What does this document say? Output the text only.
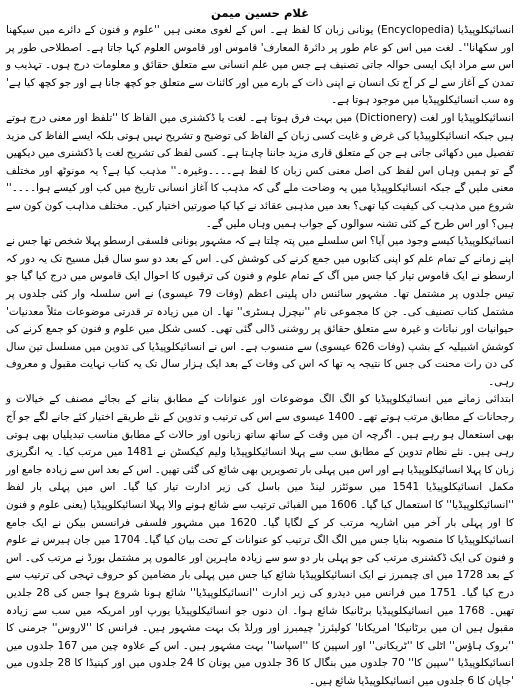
غلام حسین میمن

انسائیکلوپیڈیا (Encyclopedia) یونانی زبان کا لفظ ہے۔ اس کے لغوی معنی ہیں ''علوم و فنون کے دائرے میں سیکھنا اور سکھانا''۔ لغت میں اس کو عام طور پر دائرۃ المعارف' قاموس اور قاموس العلوم کہا جاتا ہے۔ اصطلاحی طور پر اس سے مراد ایک ایسی حوالہ جاتی تصنیف ہے جس میں علم انسانی سے متعلق حقائق و معلومات درج ہوں۔ تہذیب و تمدن کے آغاز سے لے کر آج تک انسان نے اپنی ذات کے بارے میں اور کائنات سے متعلق جو کچھ جانا ہے اور جو کچھ کیا ہے' وہ سب انسائیکلوپیڈیا میں موجود ہوتا ہے۔

انسائیکلوپیڈیا اور لغت (Dictionery) میں بہت فرق ہوتا ہے۔ لغت یا ڈکشنری میں الفاظ کا ''تلفظ اور معنی درج ہوتے ہیں جبکہ انسائیکلوپیڈیا کی غرض و غایت کسی زبان کے الفاظ کی توضیح و تشریح نہیں ہوتی بلکہ ایسے الفاظ کی مزید تفصیل میں دکھائی جاتی ہے جن کے متعلق قاری مزید جاننا چاہتا ہے۔ کسی لفظ کی تشریح لغت یا ڈکشنری میں دیکھیں گے تو ہمیں وہاں اس لفظ کی اصل معنی کس زبان کا لفظ ہے۔۔۔۔وغیرہ۔'' مذہب کیا ہے؟ یہ مونوٹھ اور مختلف معنی ملیں گے جبکہ انسائیکلوپیڈیا میں یہ وضاحت ملے گی کہ مذہب کا آغاز انسانی تاریخ میں کب اور کیسے ہوا۔۔۔۔'' شروع میں مذہب کی کیفیت کیا تھی؟ بعد میں مذہبی عقائد نے کیا کیا صورتیں اختیار کیں۔ مختلف مذاہب کون کون سے ہیں؟ اور اس طرح کے کئی تشنہ سوالوں کے جواب ہمیں وہاں ملیں گے۔

انسائیکلوپیڈیا کیسے وجود میں آیا؟ اس سلسلے میں پتہ چلتا ہے کہ مشہور یونانی فلسفی ارسطو پہلا شخص تھا جس نے اپنے زمانے کے تمام علم کو اپنی کتابوں میں جمع کرنے کی کوشش کی۔ اس کے بعد دو سو سال قبل مسیح تک یہ دور کہ ارسطو نے ایک قاموس تیار کیا جس میں آگ کے تمام علوم و فنون کی ترقیوں کا احوال ایک قاموس میں درج کیا گیا جو تیس جلدوں پر مشتمل تھا۔ مشہور سائنس داں پلینی اعظم (وفات 79 عیسوی) نے اس سلسلہ وار کئی جلدوں پر مشتمل کتاب تصنیف کی۔ جن کا مجموعی نام ''نیچرل ہسٹری'' تھا۔ ان میں زیادہ تر قدرتی موضوعات مثلاً معدنیات' حیوانیات اور نباتات و غیرہ سے متعلق حقائق پر روشنی ڈالی گئی تھی۔ کسی شکل میں علوم و فنون کو جمع کرنے کی کوشش اشبیلیہ کے بشپ (وفات 626 عیسوی) سے منسوب ہے۔ اس نے انسائیکلوپیڈیا کی تدوین میں مسلسل تین سال کی دن رات محنت کی جس کا نتیجہ یہ تھا کہ اس کی وفات کے بعد ایک ہزار سال تک یہ کتاب نہایت مقبول و معروف رہی۔

ابتدائی زمانے میں انسائیکلوپیڈیا کو الگ الگ موضوعات اور عنوانات کے مطابق بنانے کے بجائے مصنف کے خیالات و رجحانات کے مطابق مرتب ہوتے تھے۔ 1400 عیسوی سے اس کی ترتیب و تدوین کے نئے طریقے اختیار کئے جانے لگے جو آج بھی استعمال ہو رہے ہیں۔ اگرچہ ان میں وقت کے ساتھ ساتھ زبانوں اور حالات کے مطابق مناسب تبدیلیاں بھی ہوتی رہی ہیں۔ نئے نظام تدوین کے مطابق سب سے پہلا انسائیکلوپیڈیا ولیم کیکسٹن نے 1481 میں مرتب کیا۔ یہ انگریزی زبان کا پہلا انسائیکلوپیڈیا ہے اور اس میں پہلی بار تصویریں بھی شائع کی گئی تھیں۔ اس کے بعد اس سے زیادہ جامع اور مکمل انسائیکلوپیڈیا 1541 میں سوئٹزر لینڈ میں باسل کی زیر ادارت تیار کیا گیا۔ اس میں پہلی بار لفظ ''انسائیکلوپیڈیا'' کا استعمال کیا گیا۔ 1606 میں الفبائی ترتیب سے شائع ہونے والا پہلا انسائیکلوپیڈیا (یعنی علوم و فنون کا اور پہلی بار آخر میں اشاریہ مرتب کر کے لگایا گیا۔ 1620 میں مشہور فلسفی فرانسس بیکن نے ایک جامع انسائیکلوپیڈیا کا منصوبہ بنایا جس میں الگ الگ ترتیب کو عنوانات کے تحت بیان کیا گیا۔ 1704 میں جان ہیرس نے علوم و فنون کی ایک ڈکشنری مرتب کی جو پہلی بار دو سو سے زیادہ ماہرین اور عالموں پر مشتمل بورڈ نے مرتب کی۔ اس کے بعد 1728 میں ای چیمبرز نے ایک انسائیکلوپیڈیا شائع کیا جس میں پہلی بار مضامین کو حروف تہجی کی ترتیب سے درج کیا گیا۔ 1751 میں فرانس میں دیدرو کی زیر ادارت ''انسائیکلوپیڈیا'' شائع ہونا شروع ہوا جس کی 28 جلدیں تھیں۔ 1768 میں انسائیکلوپیڈیا برٹانیکا شائع ہوا۔ ان دنوں جو انسائیکلوپیڈیا یورپ اور امریکہ میں سب سے زیادہ مقبول ہیں ان میں برٹانیکا' امریکانا' کولیئرز' چیمبرز اور ورلڈ بک بہت مشہور ہیں۔ فرانس کا ''لاروس'' جرمنی کا ''بروک ہاؤس'' اٹلی کا ''ٹریکانی'' اور اسپین کا ''اسپاسا'' بہت مشہور ہیں۔ اس کے علاوہ چین میں 167 جلدوں میں انسائیکلوپیڈیا ''سپین کا'' 70 جلدوں میں بنگال کا 36 جلدوں میں یونان کا 24 جلدوں میں اور کینیڈا کا 28 جلدوں میں 'جاپان کا 6 جلدوں میں انسائیکلوپیڈیا شائع ہیں۔
